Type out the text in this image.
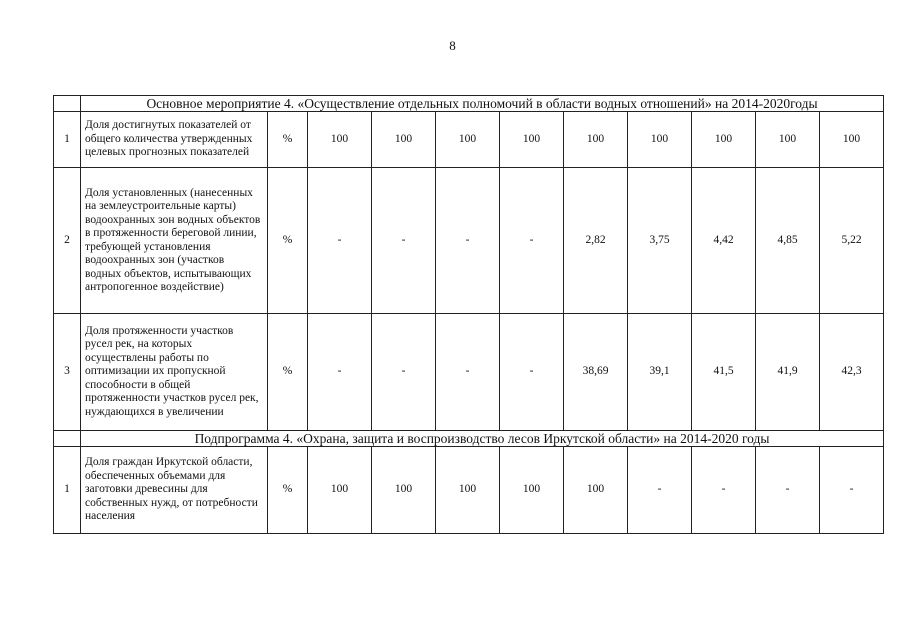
8
	Основное мероприятие 4. «Осуществление отдельных полномочий в области водных отношений» на 2014-2020годы										
1	Доля достигнутых показателей от общего количества утвержденных целевых прогнозных показателей	%	100	100	100	100	100	100	100	100	100
2	Доля установленных (нанесенных на землеустроительные карты) водоохранных зон водных объектов в протяженности береговой линии, требующей установления водоохранных зон (участков водных объектов, испытывающих антропогенное воздействие)	%	-	-	-	-	2,82	3,75	4,42	4,85	5,22
3	Доля протяженности участков русел рек, на которых осуществлены работы по оптимизации их пропускной способности в общей протяженности участков русел рек, нуждающихся в увеличении	%	-	-	-	-	38,69	39,1	41,5	41,9	42,3
	Подпрограмма 4. «Охрана, защита и воспроизводство лесов Иркутской области» на 2014-2020 годы										
1	Доля граждан Иркутской области, обеспеченных объемами для заготовки древесины для собственных нужд, от потребности населения	%	100	100	100	100	100	-	-	-	-
